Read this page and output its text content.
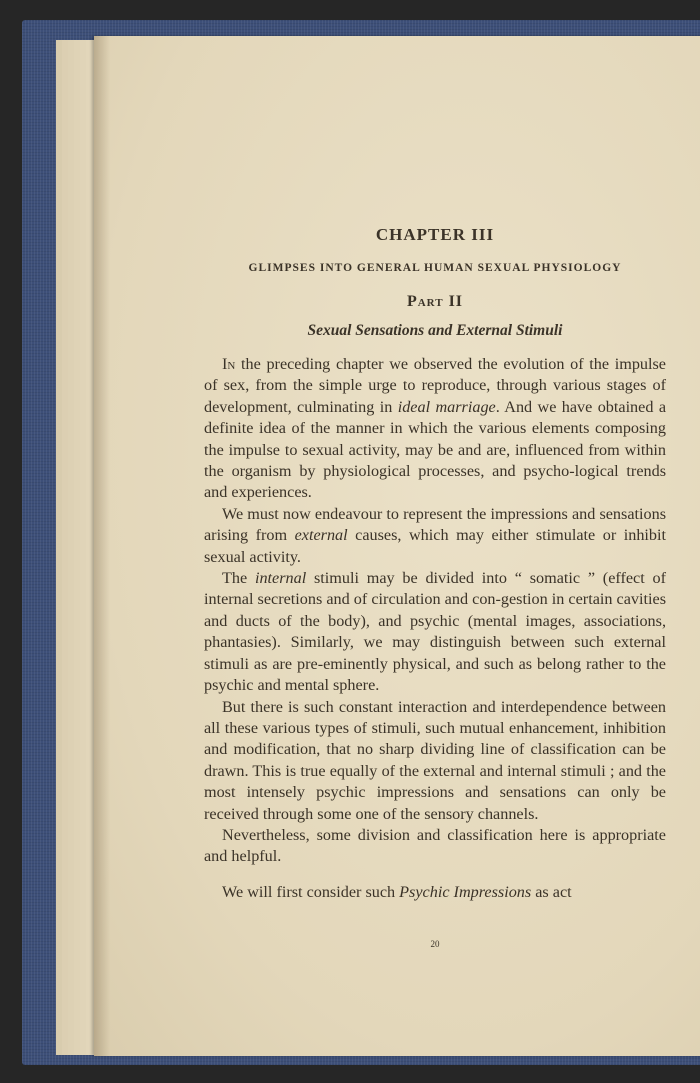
CHAPTER III
GLIMPSES INTO GENERAL HUMAN SEXUAL PHYSIOLOGY
Part II
Sexual Sensations and External Stimuli

In the preceding chapter we observed the evolution of the impulse of sex, from the simple urge to reproduce, through various stages of development, culminating in ideal marriage. And we have obtained a definite idea of the manner in which the various elements composing the impulse to sexual activity, may be and are, influenced from within the organism by physiological processes, and psycho-logical trends and experiences.

We must now endeavour to represent the impressions and sensations arising from external causes, which may either stimulate or inhibit sexual activity.

The internal stimuli may be divided into “ somatic ” (effect of internal secretions and of circulation and con-gestion in certain cavities and ducts of the body), and psychic (mental images, associations, phantasies). Similarly, we may distinguish between such external stimuli as are pre-eminently physical, and such as belong rather to the psychic and mental sphere.

But there is such constant interaction and interdependence between all these various types of stimuli, such mutual enhancement, inhibition and modification, that no sharp dividing line of classification can be drawn. This is true equally of the external and internal stimuli ; and the most intensely psychic impressions and sensations can only be received through some one of the sensory channels.

Nevertheless, some division and classification here is appropriate and helpful.

We will first consider such Psychic Impressions as act

20
